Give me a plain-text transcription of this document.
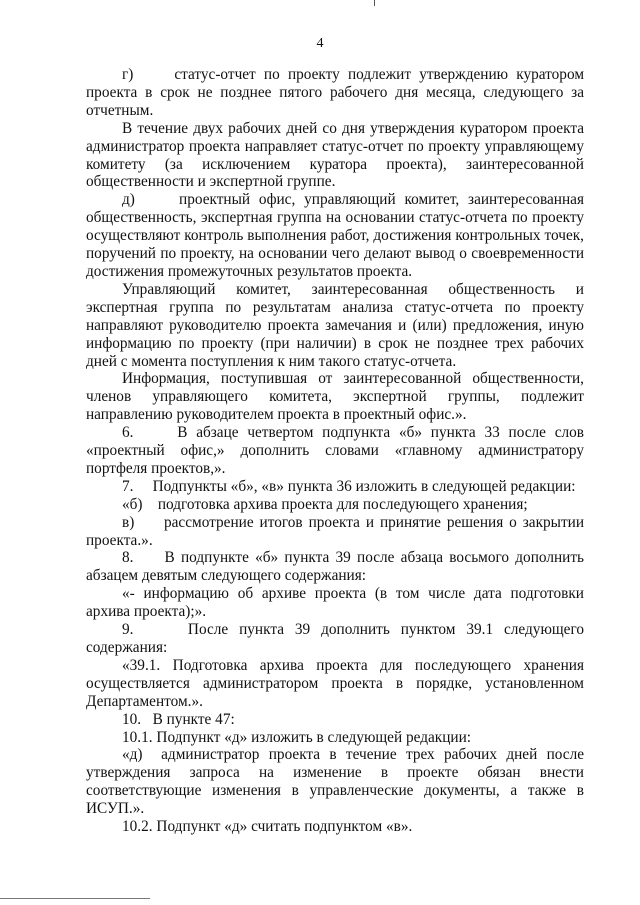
4

г)     статус-отчет по проекту подлежит утверждению куратором проекта в срок не позднее пятого рабочего дня месяца, следующего за отчетным.

В течение двух рабочих дней со дня утверждения куратором проекта администратор проекта направляет статус-отчет по проекту управляющему комитету (за исключением куратора проекта), заинтересованной общественности и экспертной группе.

д)     проектный офис, управляющий комитет, заинтересованная общественность, экспертная группа на основании статус-отчета по проекту осуществляют контроль выполнения работ, достижения контрольных точек, поручений по проекту, на основании чего делают вывод о своевременности достижения промежуточных результатов проекта.

Управляющий комитет, заинтересованная общественность и экспертная группа по результатам анализа статус-отчета по проекту направляют руководителю проекта замечания и (или) предложения, иную информацию по проекту (при наличии) в срок не позднее трех рабочих дней с момента поступления к ним такого статус-отчета.

Информация, поступившая от заинтересованной общественности, членов управляющего комитета, экспертной группы, подлежит направлению руководителем проекта в проектный офис.».

6.     В абзаце четвертом подпункта «б» пункта 33 после слов «проектный офис,» дополнить словами «главному администратору портфеля проектов,».

7.     Подпункты «б», «в» пункта 36 изложить в следующей редакции:

«б)    подготовка архива проекта для последующего хранения;

в)     рассмотрение итогов проекта и принятие решения о закрытии проекта.».

8.     В подпункте «б» пункта 39 после абзаца восьмого дополнить абзацем девятым следующего содержания:

«- информацию об архиве проекта (в том числе дата подготовки архива проекта);».

9.     После пункта 39 дополнить пунктом 39.1 следующего содержания:

«39.1. Подготовка архива проекта для последующего хранения осуществляется администратором проекта в порядке, установленном Департаментом.».

10.   В пункте 47:

10.1. Подпункт «д» изложить в следующей редакции:

«д)  администратор проекта в течение трех рабочих дней после утверждения запроса на изменение в проекте обязан внести соответствующие изменения в управленческие документы, а также в ИСУП.».

10.2. Подпункт «д» считать подпунктом «в».
